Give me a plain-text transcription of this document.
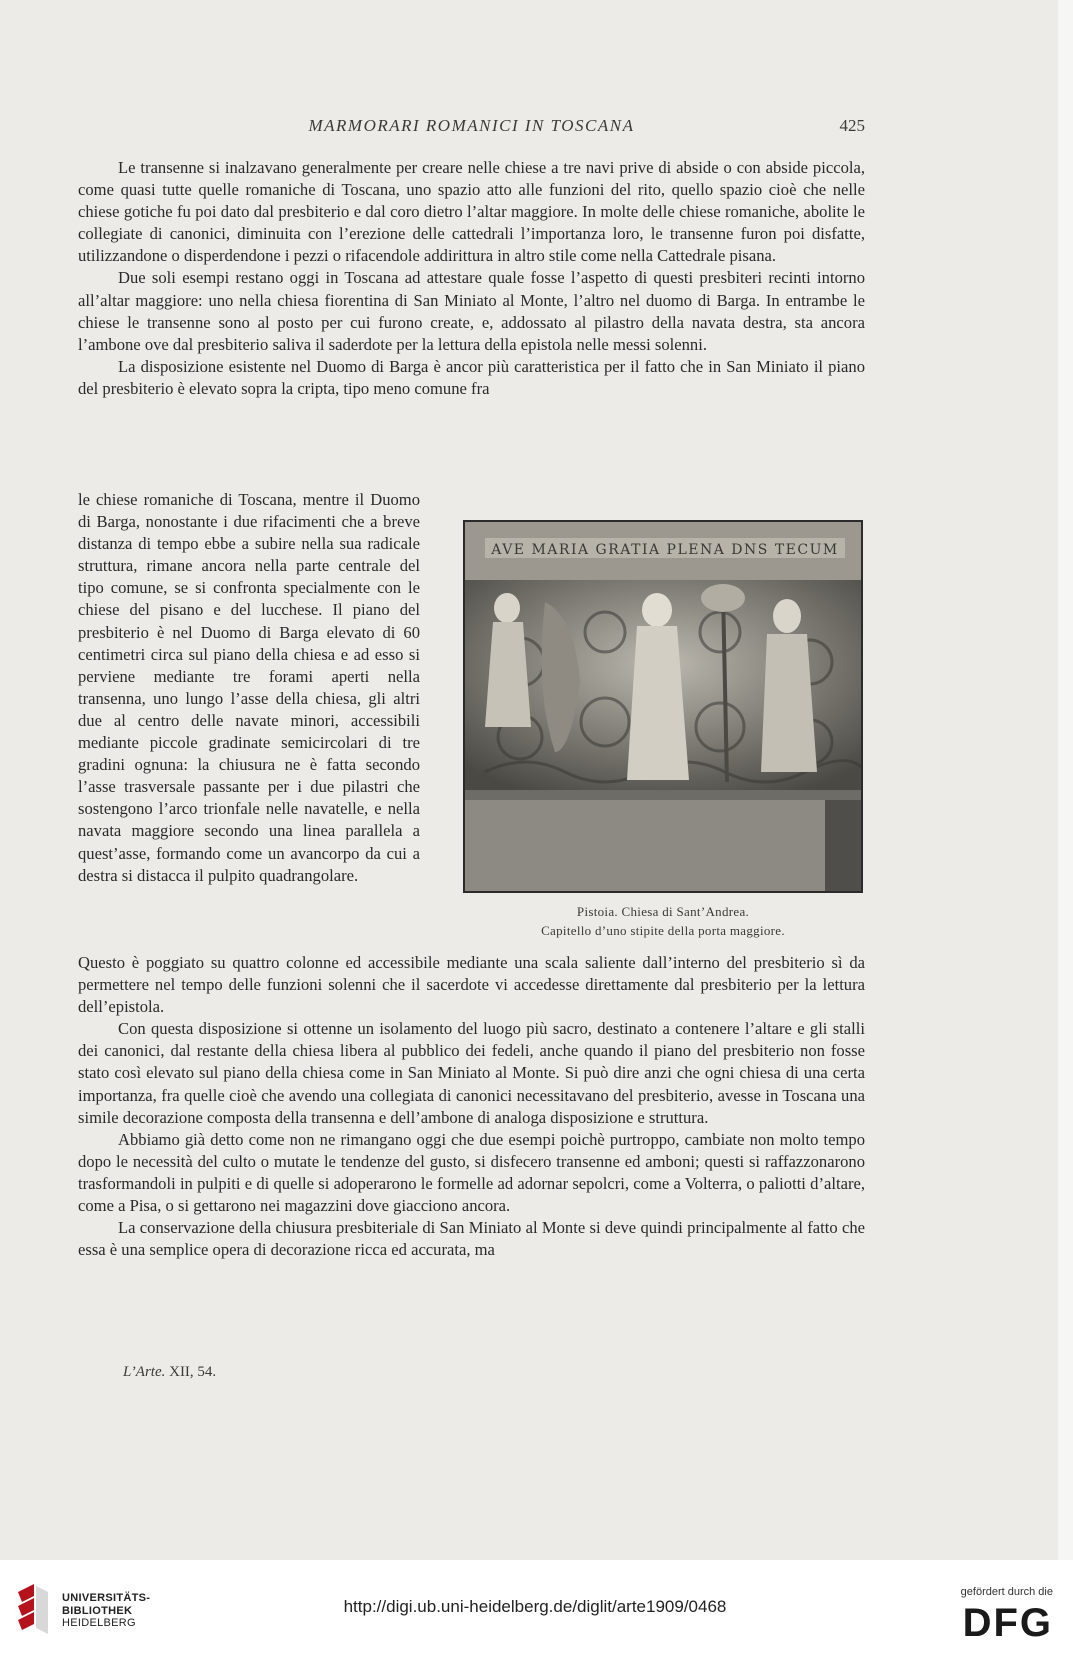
MARMORARI ROMANICI IN TOSCANA	425

Le transenne si inalzavano generalmente per creare nelle chiese a tre navi prive di abside o con abside piccola, come quasi tutte quelle romaniche di Toscana, uno spazio atto alle funzioni del rito, quello spazio cioè che nelle chiese gotiche fu poi dato dal presbiterio e dal coro dietro l’altar maggiore. In molte delle chiese romaniche, abolite le collegiate di canonici, diminuita con l’erezione delle cattedrali l’importanza loro, le transenne furon poi disfatte, utilizzandone o disperdendone i pezzi o rifacendole addirittura in altro stile come nella Cattedrale pisana.

Due soli esempi restano oggi in Toscana ad attestare quale fosse l’aspetto di questi presbiteri recinti intorno all’altar maggiore: uno nella chiesa fiorentina di San Miniato al Monte, l’altro nel duomo di Barga. In entrambe le chiese le transenne sono al posto per cui furono create, e, addossato al pilastro della navata destra, sta ancora l’ambone ove dal presbiterio saliva il saderdote per la lettura della epistola nelle messi solenni.

La disposizione esistente nel Duomo di Barga è ancor più caratteristica per il fatto che in San Miniato il piano del presbiterio è elevato sopra la cripta, tipo meno comune fra

le chiese romaniche di Toscana, mentre il Duomo di Barga, nonostante i due rifacimenti che a breve distanza di tempo ebbe a subire nella sua radicale struttura, rimane ancora nella parte centrale del tipo comune, se si confronta specialmente con le chiese del pisano e del lucchese. Il piano del presbiterio è nel Duomo di Barga elevato di 60 centimetri circa sul piano della chiesa e ad esso si perviene mediante tre forami aperti nella transenna, uno lungo l’asse della chiesa, gli altri due al centro delle navate minori, accessibili mediante piccole gradinate semicircolari di tre gradini ognuna: la chiusura ne è fatta secondo l’asse trasversale passante per i due pilastri che sostengono l’arco trionfale nelle navatelle, e nella navata maggiore secondo una linea parallela a quest’asse, formando come un avancorpo da cui a destra si distacca il pulpito quadrangolare.

AVE MARIA GRATIA PLENA DNS TECUM
Pistoia. Chiesa di Sant’Andrea.
Capitello d’uno stipite della porta maggiore.

Questo è poggiato su quattro colonne ed accessibile mediante una scala saliente dall’interno del presbiterio sì da permettere nel tempo delle funzioni solenni che il sacerdote vi accedesse direttamente dal presbiterio per la lettura dell’epistola.

Con questa disposizione si ottenne un isolamento del luogo più sacro, destinato a contenere l’altare e gli stalli dei canonici, dal restante della chiesa libera al pubblico dei fedeli, anche quando il piano del presbiterio non fosse stato così elevato sul piano della chiesa come in San Miniato al Monte. Si può dire anzi che ogni chiesa di una certa importanza, fra quelle cioè che avendo una collegiata di canonici necessitavano del presbiterio, avesse in Toscana una simile decorazione composta della transenna e dell’ambone di analoga disposizione e struttura.

Abbiamo già detto come non ne rimangano oggi che due esempi poichè purtroppo, cambiate non molto tempo dopo le necessità del culto o mutate le tendenze del gusto, si disfecero transenne ed amboni; questi si raffazzonarono trasformandoli in pulpiti e di quelle si adoperarono le formelle ad adornar sepolcri, come a Volterra, o paliotti d’altare, come a Pisa, o si gettarono nei magazzini dove giacciono ancora.

La conservazione della chiusura presbiteriale di San Miniato al Monte si deve quindi principalmente al fatto che essa è una semplice opera di decorazione ricca ed accurata, ma

L’Arte. XII, 54.
UNIVERSITÄTS-
BIBLIOTHEK
HEIDELBERG
http://digi.ub.uni-heidelberg.de/diglit/arte1909/0468
gefördert durch die
DFG
